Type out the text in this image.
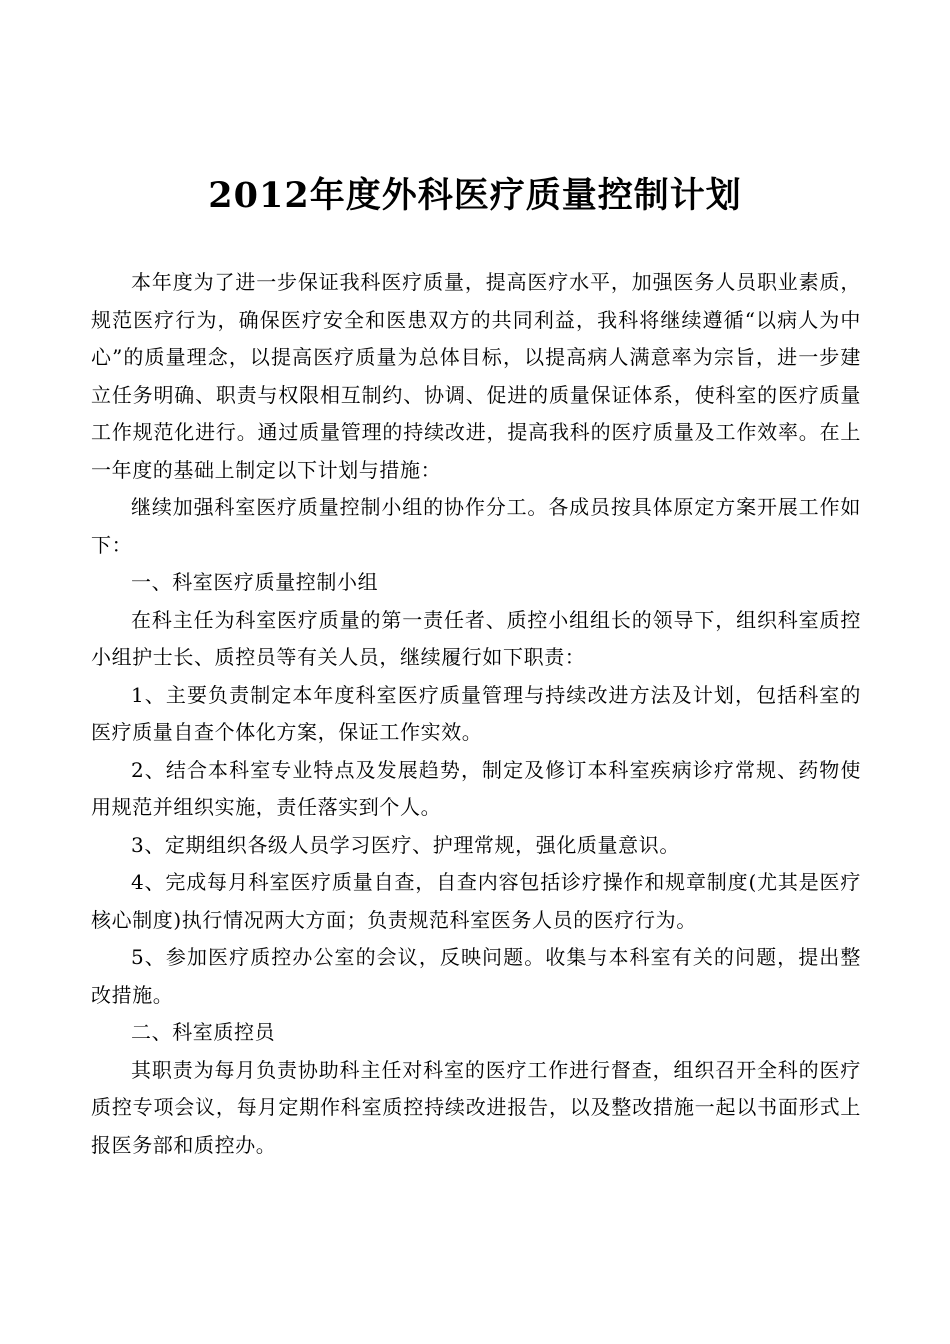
2012年度外科医疗质量控制计划

本年度为了进一步保证我科医疗质量，提高医疗水平，加强医务人员职业素质，规范医疗行为，确保医疗安全和医患双方的共同利益，我科将继续遵循“以病人为中心”的质量理念，以提高医疗质量为总体目标，以提高病人满意率为宗旨，进一步建立任务明确、职责与权限相互制约、协调、促进的质量保证体系，使科室的医疗质量工作规范化进行。通过质量管理的持续改进，提高我科的医疗质量及工作效率。在上一年度的基础上制定以下计划与措施：

继续加强科室医疗质量控制小组的协作分工。各成员按具体原定方案开展工作如下：

一、科室医疗质量控制小组

在科主任为科室医疗质量的第一责任者、质控小组组长的领导下，组织科室质控小组护士长、质控员等有关人员，继续履行如下职责：

1、主要负责制定本年度科室医疗质量管理与持续改进方法及计划，包括科室的医疗质量自查个体化方案，保证工作实效。

2、结合本科室专业特点及发展趋势，制定及修订本科室疾病诊疗常规、药物使用规范并组织实施，责任落实到个人。

3、定期组织各级人员学习医疗、护理常规，强化质量意识。

4、完成每月科室医疗质量自查，自查内容包括诊疗操作和规章制度(尤其是医疗核心制度)执行情况两大方面；负责规范科室医务人员的医疗行为。

5、参加医疗质控办公室的会议，反映问题。收集与本科室有关的问题，提出整改措施。

二、科室质控员

其职责为每月负责协助科主任对科室的医疗工作进行督查，组织召开全科的医疗质控专项会议，每月定期作科室质控持续改进报告，以及整改措施一起以书面形式上报医务部和质控办。
